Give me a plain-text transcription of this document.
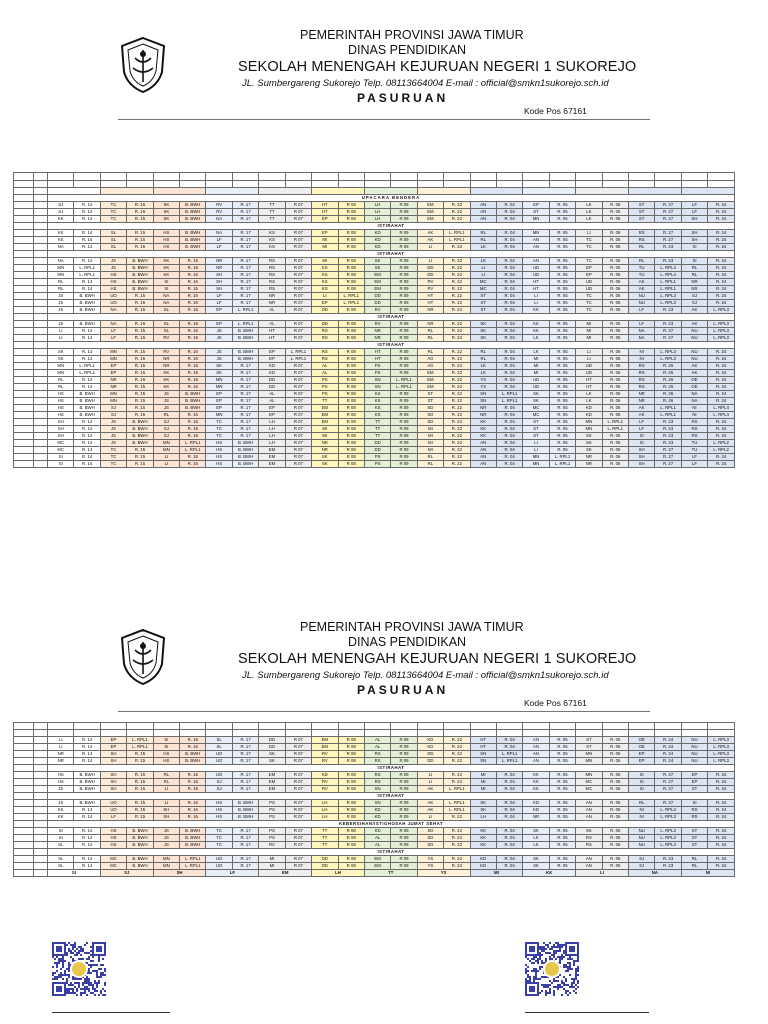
PEMERINTAH PROVINSI JAWA TIMUR
DINAS PENDIDIKAN
SEKOLAH MENENGAH KEJURUAN NEGERI 1 SUKOREJO
JL. Sumbergareng Sukorejo Telp. 08113664004 E-mail : official@smkn1sukorejo.sch.id
PASURUAN
Kode Pos 67161

		UPACARA BENDERA																									
		SJ	R. 14	TC	R. 15	SK	B. BWH	RV	R. 17	TT	R 07	HT	R 08	LH	R 09	EM	R. 22	AN	R. 04	EP	R. 05	LK	R. 06	ST	R. 27	LF	R. 24
		SJ	R. 14	TC	R. 15	SK	B. BWH	RV	R. 17	TT	R 07	HT	R 08	LH	R 09	EM	R. 22	AN	R. 04	ST	R. 05	LK	R. 06	ST	R. 27	LF	R. 24
		KK	R. 14	TC	R. 15	SK	B. BWH	NA	R. 17	TT	R 07	EP	R 08	LH	R 09	EM	R. 22	AN	R. 04	MN	R. 05	LK	R. 06	ST	R. 27	SH	R. 24
		ISTIRAHAT																									
		KK	R. 14	SL	R. 15	HS	B. BWH	NA	R. 17	KS	R 07	EP	R 08	KD	R 09	AK	L. RPL1	RL	R. 04	MN	R. 05	LI	R. 06	RS	R. 27	SH	R. 24
		KK	R. 14	SL	R. 15	HS	B. BWH	LF	R. 17	KS	R 07	MI	R 08	KD	R 09	AK	L. RPL1	RL	R. 04	AN	R. 05	TC	R. 06	RS	R. 27	SH	R. 24
		NA	R. 14	SL	R. 15	HS	B. BWH	LF	R. 17	KS	R 07	MI	R 08	KD	R 09	LI	R. 22	LK	R. 04	AN	R. 05	TC	R. 06	RL	R. 23	SI	R. 24
		ISTIRAHAT																									
		NA	R. 14	JS	B. BWH	KK	R. 16	NR	R. 17	RS	R 07	MI	R 08	SK	R 09	LI	R. 22	LK	R. 04	AN	R. 05	TC	R. 06	RL	R. 23	SI	R. 24
		MN	L. RPL1	JS	B. BWH	KK	R. 16	NR	R. 17	RS	R 07	KS	R 08	SK	R 09	DD	R. 22	LI	R. 04	UD	R. 05	EP	R. 06	TU	L. RPL4	RL	R. 24
		MN	L. RPL1	HS	B. BWH	KK	R. 16	SH	R. 17	RS	R 07	KS	R 08	EM	R 09	DD	R. 22	LI	R. 04	UD	R. 05	EP	R. 06	TU	L. RPL4	RL	R. 24
		RL	R. 14	HS	B. BWH	SI	R. 16	SH	R. 17	RS	R 07	KS	R 08	EM	R 09	RV	R. 22	MC	R. 04	HT	R. 05	UD	R. 06	AK	L. RPL1	NR	R. 24
		RL	R. 14	HS	B. BWH	SI	R. 16	SH	R. 17	RS	R 07	KS	R 08	EM	R 09	RV	R. 22	MC	R. 04	HT	R. 05	UD	R. 06	AK	L. RPL1	NR	R. 24
		JS	B. BWH	UO	R. 15	NA	R. 16	LF	R. 17	NR	R 07	LI	L. RPL1	DD	R 09	HT	R. 22	ST	R. 04	LI	R. 05	TC	R. 06	NU	L. RPL3	SJ	R. 24
		JS	B. BWH	UO	R. 15	NA	R. 16	LF	R. 17	NR	R 07	EP	L. RPL1	DD	R 09	HT	R. 22	ST	R. 04	LI	R. 05	TC	R. 06	NU	L. RPL3	SJ	R. 24
		JS	B. BWH	NA	R. 15	SL	R. 16	EP	L. RPL1	AL	R 07	DD	R 08	RV	R 09	NR	R. 22	ST	R. 04	KK	R. 05	TC	R. 06	LF	R. 23	AK	L. RPL3
		ISTIRAHAT																									
		JS	B. BWH	NA	R. 15	SL	R. 16	EP	L. RPL1	AL	R 07	DD	R 08	RV	R 09	NR	R. 22	SK	R. 04	KK	R. 05	MI	R. 06	LF	R. 23	AK	L. RPL3
		LI	R. 14	LF	R. 15	SL	R. 16	JS	B. BWH	HT	R 07	RS	R 08	NR	R 09	RL	R. 22	SK	R. 04	KK	R. 05	MI	R. 06	NA	R. 27	NU	L. RPL3
		LI	R. 14	LF	R. 15	RV	R. 16	JS	B. BWH	HT	R 07	RS	R 08	NR	R 09	RL	R. 22	SK	R. 04	LK	R. 05	MI	R. 06	NA	R. 27	NU	L. RPL3
		ISTIRAHAT																									
		SK	R. 14	MN	R. 15	RV	R. 16	JS	B. BWH	EP	L. RPL1	RS	R 08	HT	R 09	RL	R. 22	RL	R. 04	LK	R. 05	LI	R. 06	NI	L. RPL3	NU	R. 24
		SK	R. 14	MN	R. 15	NR	R. 16	JS	B. BWH	EP	L. RPL1	RS	R 08	HT	R 09	AG	R. 22	RL	R. 04	MI	R. 05	LI	R. 06	NI	L. RPL3	NU	R. 24
		MN	L. RPL1	EP	R. 15	NR	R. 16	SK	R. 17	KD	R 07	AL	R 08	PS	R 09	AG	R. 22	LK	R. 04	MI	R. 05	UD	R. 06	RS	R. 26	AK	R. 24
		MN	L. RPL1	EP	R. 15	KK	R. 16	SK	R. 17	KD	R 07	AL	R 08	PS	R 09	EM	R. 22	LK	R. 04	MI	R. 05	UD	R. 06	RS	R. 26	AK	R. 24
		RL	R. 14	NR	R. 15	KK	R. 16	MN	R. 17	DD	R 07	PS	R 08	SN	L. RPL1	EM	R. 22	YS	R. 04	UD	R. 05	HT	R. 06	RS	R. 26	OE	R. 24
		RL	R. 14	NR	R. 15	KK	R. 16	MN	R. 17	DD	R 07	PS	R 08	SN	L. RPL1	EM	R. 22	YS	R. 04	UD	R. 05	HT	R. 06	RS	R. 26	OE	R. 24
		HS	B. BWH	MN	R. 15	JS	B. BWH	EP	R. 17	AL	R 07	PS	R 08	KS	R 09	ST	R. 22	SN	L. RPL1	SK	R. 05	LK	R. 06	NR	R. 26	NA	R. 24
		HS	B. BWH	MN	R. 15	JS	B. BWH	EP	R. 17	AL	R 07	TT	R 08	KS	R 09	ST	R. 22	SN	L. RPL1	SK	R. 05	LK	R. 06	NR	R. 26	NA	R. 24
		HS	B. BWH	SJ	R. 15	JS	B. BWH	EP	R. 17	EP	R 07	EM	R 08	KS	R 09	SD	R. 22	NR	R. 04	MC	R. 05	KD	R. 06	AK	L. RPL1	NI	L. RPL4
		HS	B. BWH	SJ	R. 15	RL	R. 16	MN	R. 17	EP	R 07	EM	R 08	KS	R 09	SD	R. 22	NR	R. 04	MC	R. 05	KD	R. 06	AK	L. RPL1	NI	L. RPL4
		SH	R. 14	JS	B. BWH	SJ	R. 16	TC	R. 17	LH	R 07	EM	R 08	TT	R 09	SD	R. 22	KK	R. 04	ST	R. 05	MN	L. RPL1	LF	R. 23	RS	R. 24
		SH	R. 14	JS	B. BWH	SJ	R. 16	TC	R. 17	LH	R 07	MI	R 08	TT	R 09	MI	R. 22	KK	R. 04	ST	R. 05	MN	L. RPL1	LF	R. 23	RS	R. 24
		SH	R. 14	JS	B. BWH	SJ	R. 16	TC	R. 17	LH	R 07	MI	R 08	TT	R 09	MI	R. 22	KK	R. 04	ST	R. 05	SK	R. 06	SI	R. 23	RS	R. 24
		MC	R. 14	JS	B. BWH	MN	L. RPL1	HS	B. BWH	LH	R 07	NR	R 08	DD	R 09	MI	R. 22	AN	R. 04	LI	R. 05	SK	R. 06	SI	R. 23	TU	L. RPL2
		MC	R. 14	TC	R. 15	MN	L. RPL1	HS	B. BWH	EM	R 07	NR	R 08	DD	R 09	MI	R. 22	AN	R. 04	LI	R. 05	SK	R. 06	SH	R. 27	TU	L. RPL2
		SI	R. 14	TC	R. 15	LI	R. 16	HS	B. BWH	EM	R 07	SK	R 08	PS	R 09	RL	R. 22	AN	R. 04	MN	L. RPL1	NR	R. 06	SH	R. 27	LF	R. 24
		SI	R. 14	TC	R. 15	LI	R. 16	HS	B. BWH	EM	R 07	SK	R 08	PS	R 09	RL	R. 22	AN	R. 04	MN	L. RPL1	NR	R. 06	SH	R. 27	LF	R. 24
PEMERINTAH PROVINSI JAWA TIMUR
DINAS PENDIDIKAN
SEKOLAH MENENGAH KEJURUAN NEGERI 1 SUKOREJO
JL. Sumbergareng Sukorejo Telp. 08113664004 E-mail : official@smkn1sukorejo.sch.id
PASURUAN
Kode Pos 67161

		LI	R. 14	EP	L. RPL1	SI	R. 16	SL	R. 17	DD	R 07	EM	R 08	AL	R 09	KD	R. 22	HT	R. 04	AN	R. 05	ST	R. 06	OE	R. 24	NU	L. RPL3
		LI	R. 14	EP	L. RPL1	SI	R. 16	SL	R. 17	DD	R 07	EM	R 08	AL	R 09	KD	R. 22	HT	R. 04	AN	R. 05	ST	R. 06	OE	R. 24	NU	L. RPL3
		NR	R. 14	SH	R. 15	HS	B. BWH	UO	R. 17	SK	R 07	RV	R 08	RS	R 09	DD	R. 22	SN	L. RPL1	AN	R. 05	MN	R. 06	EP	R. 24	NU	L. RPL3
		NR	R. 14	SH	R. 15	HS	B. BWH	UO	R. 17	SK	R 07	RV	R 08	RS	R 09	DD	R. 22	SN	L. RPL1	AN	R. 05	MN	R. 06	EP	R. 24	NU	L. RPL3
		ISTIRAHAT																									
		HS	B. BWH	SH	R. 15	RL	R. 16	UO	R. 17	EM	R 07	KD	R 08	RS	R 09	LI	R. 22	MI	R. 04	KK	R. 05	MN	R. 06	SI	R. 27	EP	R. 24
		HS	B. BWH	SH	R. 15	RL	R. 16	SJ	R. 17	EM	R 07	RV	R 08	RS	R 09	LI	R. 22	MI	R. 04	KK	R. 05	MC	R. 06	SI	R. 27	EP	R. 24
		JS	B. BWH	SH	R. 15	LI	R. 16	SJ	R. 17	EM	R 07	RV	R 08	SN	R 09	AK	L. RPL1	MI	R. 04	KK	R. 05	MC	R. 06	SI	R. 27	ST	R. 24
		ISTIRAHAT																									
		JS	B. BWH	UO	R. 15	LI	R. 16	HS	B. BWH	PS	R 07	LH	R 08	SN	R 09	AK	L. RPL1	SK	R. 04	KD	R. 05	AN	R. 06	RL	R. 27	SI	R. 24
		KK	R. 14	UO	R. 15	SH	R. 16	HS	B. BWH	PS	R 07	LH	R 08	KD	R 09	AK	L. RPL1	SK	R. 04	KD	R. 05	AN	R. 06	NI	L. RPL3	RS	R. 24
		KK	R. 14	LF	R. 15	SH	R. 16	HS	B. BWH	PS	R 07	LH	R 08	KD	R 09	LI	R. 22	LH	R. 04	NR	R. 05	AN	R. 06	NI	L. RPL3	RS	R. 24
		KEBERSIHAN/ISTIGHOSAH JUMAT SEHAT																									
		SI	R. 14	HS	B. BWH	JS	B. BWH	TC	R. 17	PS	R 07	TT	R 08	KD	R 09	SD	R. 22	KK	R. 04	SK	R. 05	SK	R. 06	NU	L. RPL3	ST	R. 24
		SI	R. 14	HS	B. BWH	JS	B. BWH	TC	R. 17	PS	R 07	TT	R 08	AL	R 09	SD	R. 22	KK	R. 04	LK	R. 05	RS	R. 06	NU	L. RPL3	ST	R. 24
		SL	R. 14	HS	B. BWH	JS	B. BWH	TC	R. 17	RV	R 07	TT	R 08	AL	R 09	SD	R. 22	KK	R. 04	LK	R. 05	RS	R. 06	NU	L. RPL3	ST	R. 24
		ISTIRAHAT																									
		SL	R. 14	MC	B. BWH	MN	L. RPL1	UO	R. 17	MI	R 07	DD	R 08	EM	R 09	YS	R. 22	KD	R. 04	SK	R. 05	AN	R. 06	SJ	R. 23	RL	R. 24
		SL	R. 14	MC	B. BWH	MN	L. RPL1	UO	R. 17	MI	R 07	DD	R 08	EM	R 09	YS	R. 22	KD	R. 04	SK	R. 05	AN	R. 06	SJ	R. 23	RL	R. 24
		SI		SJ		SH		LF		EM		LH		TT		YS		MI		KK		LI		NA		NI	
